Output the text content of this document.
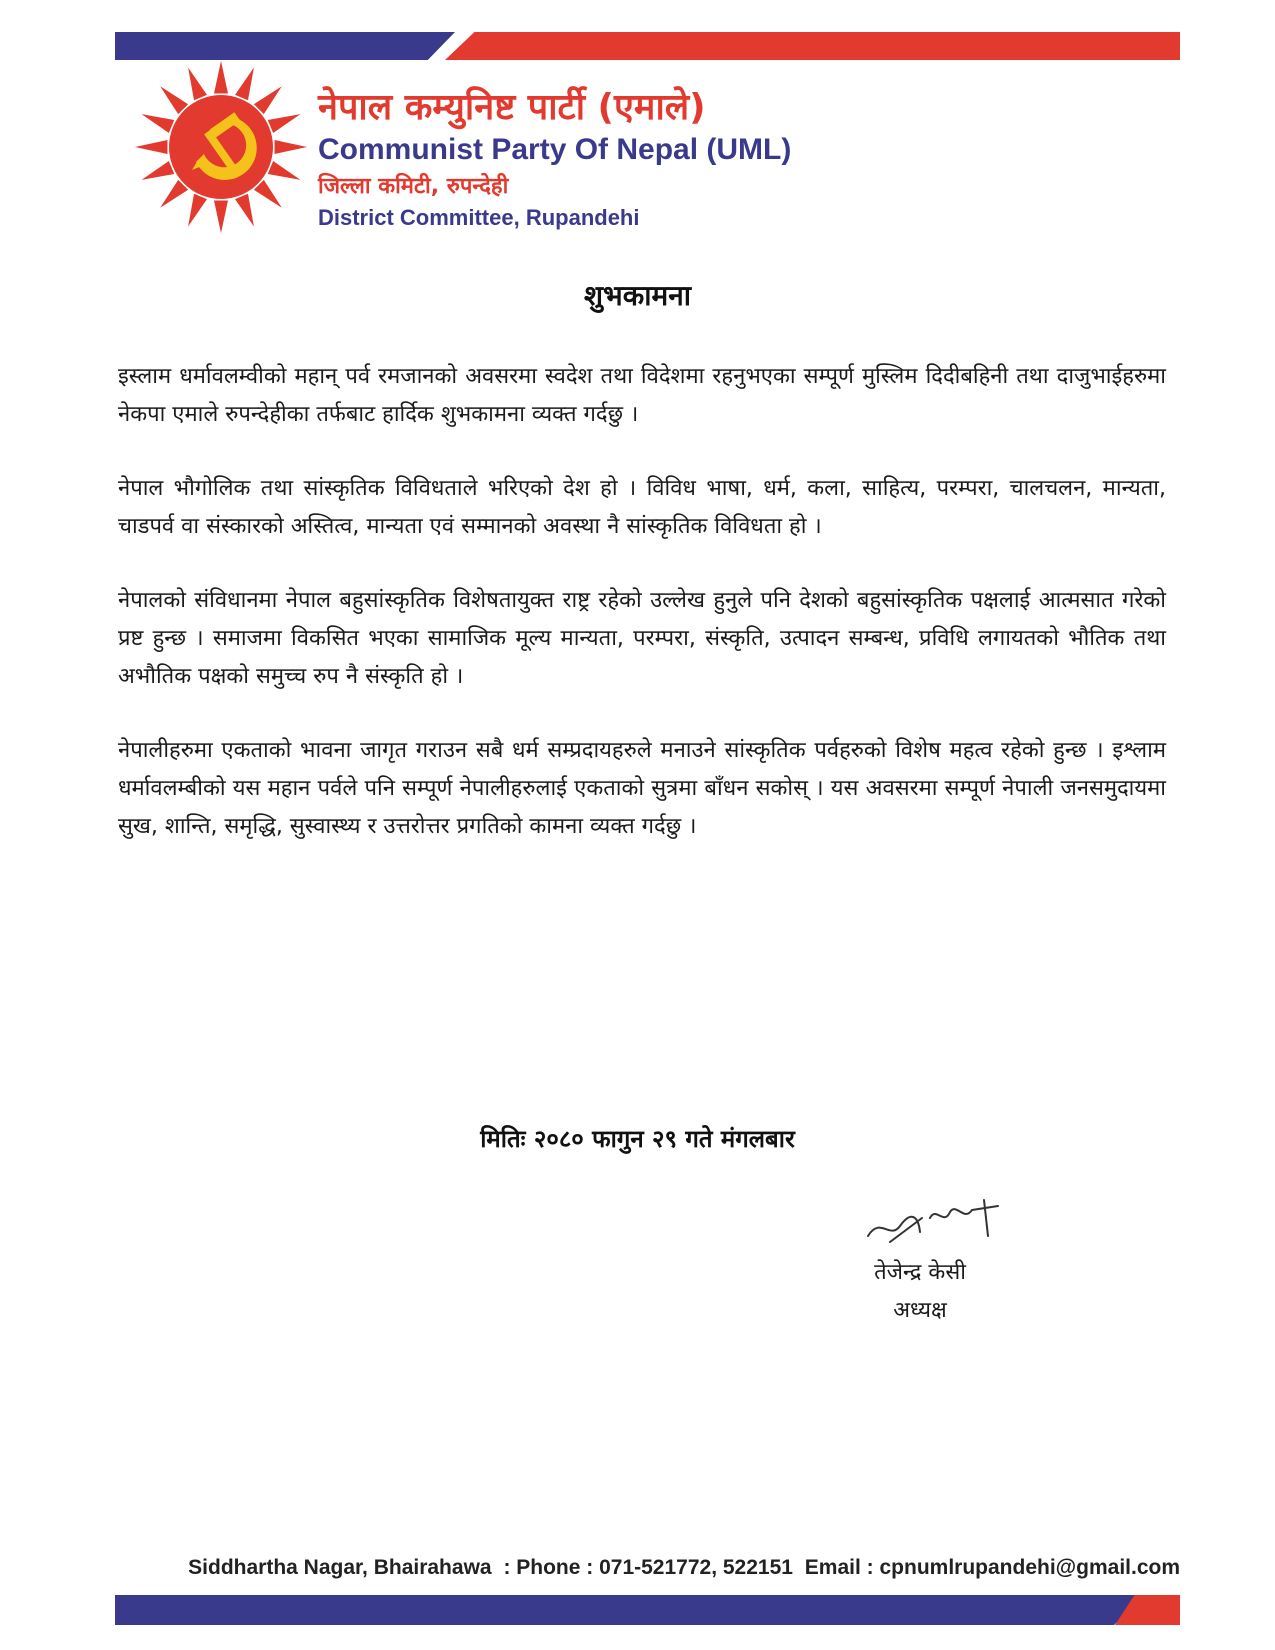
नेपाल कम्युनिष्ट पार्टी (एमाले)
Communist Party Of Nepal (UML)
जिल्ला कमिटी, रुपन्देही
District Committee, Rupandehi
शुभकामना

इस्लाम धर्मावलम्वीको महान् पर्व रमजानको अवसरमा स्वदेश तथा विदेशमा रहनुभएका सम्पूर्ण मुस्लिम दिदीबहिनी तथा दाजुभाईहरुमा नेकपा एमाले रुपन्देहीका तर्फबाट हार्दिक शुभकामना व्यक्त गर्दछु ।

नेपाल भौगोलिक तथा सांस्कृतिक विविधताले भरिएको देश हो । विविध भाषा, धर्म, कला, साहित्य, परम्परा, चालचलन, मान्यता, चाडपर्व वा संस्कारको अस्तित्व, मान्यता एवं सम्मानको अवस्था नै सांस्कृतिक विविधता हो ।

नेपालको संविधानमा नेपाल बहुसांस्कृतिक विशेषतायुक्त राष्ट्र रहेको उल्लेख हुनुले पनि देशको बहुसांस्कृतिक पक्षलाई आत्मसात गरेको प्रष्ट हुन्छ । समाजमा विकसित भएका सामाजिक मूल्य मान्यता, परम्परा, संस्कृति, उत्पादन सम्बन्ध, प्रविधि लगायतको भौतिक तथा अभौतिक पक्षको समुच्च रुप नै संस्कृति हो ।

नेपालीहरुमा एकताको भावना जागृत गराउन सबै धर्म सम्प्रदायहरुले मनाउने सांस्कृतिक पर्वहरुको विशेष महत्व रहेको हुन्छ । इश्लाम धर्मावलम्बीको यस महान पर्वले पनि सम्पूर्ण नेपालीहरुलाई एकताको सुत्रमा बाँधन सकोस् । यस अवसरमा सम्पूर्ण नेपाली जनसमुदायमा सुख, शान्ति, समृद्धि, सुस्वास्थ्य र उत्तरोत्तर प्रगतिको कामना व्यक्त गर्दछु ।

मितिः २०८० फागुन २९ गते मंगलबार
तेजेन्द्र केसी
अध्यक्ष
Siddhartha Nagar, Bhairahawa : Phone : 071-521772, 522151 Email : cpnumlrupandehi@gmail.com
